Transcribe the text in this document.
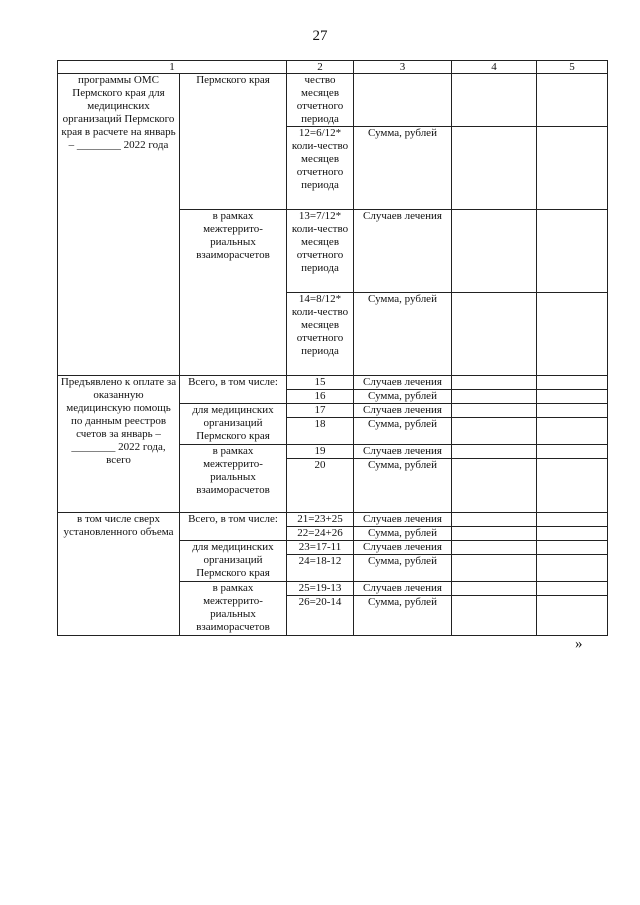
27
1		2	3	4	5
программы ОМС Пермского края для медицинских организаций Пермского края в расчете на январь – ________ 2022 года	Пермского края	чество месяцев отчетного периода			
		12=6/12* коли-чество месяцев отчетного периода	Сумма, рублей		
	в рамках межтеррито-риальных взаиморасчетов	13=7/12* коли-чество месяцев отчетного периода	Случаев лечения		
		14=8/12* коли-чество месяцев отчетного периода	Сумма, рублей		
Предъявлено к оплате за оказанную медицинскую помощь по данным реестров счетов за январь – ________ 2022 года, всего	Всего, в том числе:	15	Случаев лечения		
		16	Сумма, рублей		
	для медицинских организаций Пермского края	17	Случаев лечения		
		18	Сумма, рублей		
	в рамках межтеррито-риальных взаиморасчетов	19	Случаев лечения		
		20	Сумма, рублей		
в том числе сверх установленного объема	Всего, в том числе:	21=23+25	Случаев лечения		
		22=24+26	Сумма, рублей		
	для медицинских организаций Пермского края	23=17-11	Случаев лечения		
		24=18-12	Сумма, рублей		
	в рамках межтеррито-риальных взаиморасчетов	25=19-13	Случаев лечения		
		26=20-14	Сумма, рублей		
»
